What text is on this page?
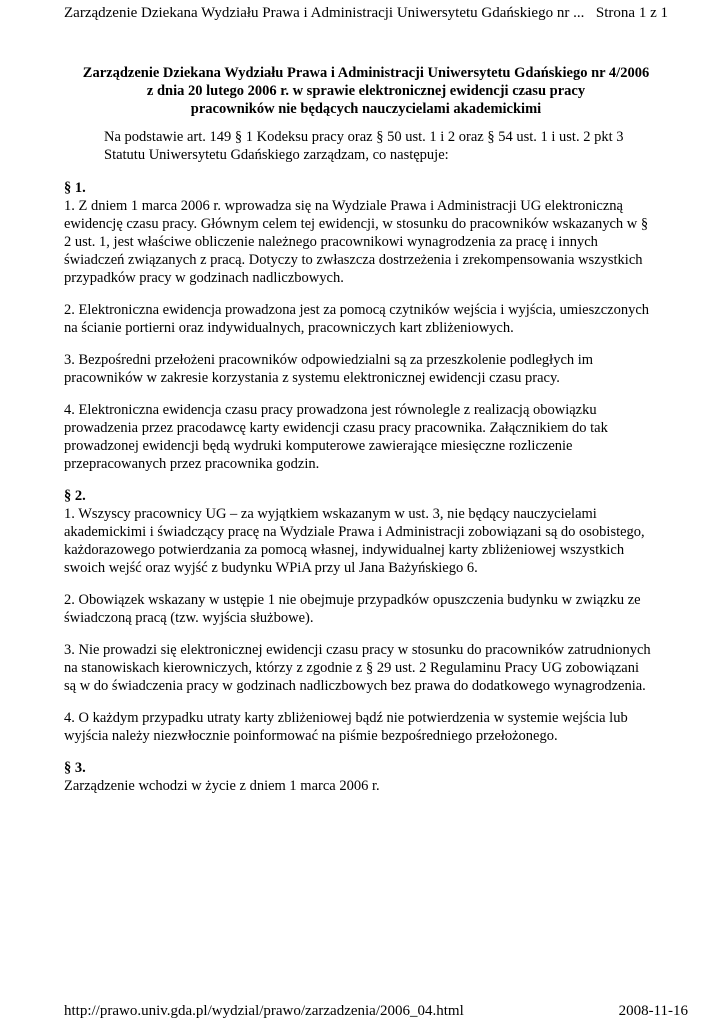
Zarządzenie Dziekana Wydziału Prawa i Administracji Uniwersytetu Gdańskiego nr ... Strona 1 z 1
Zarządzenie Dziekana Wydziału Prawa i Administracji Uniwersytetu Gdańskiego nr 4/2006
z dnia 20 lutego 2006 r. w sprawie elektronicznej ewidencji czasu pracy
pracowników nie będących nauczycielami akademickimi
Na podstawie art. 149 § 1 Kodeksu pracy oraz § 50 ust. 1 i 2 oraz § 54 ust. 1 i ust. 2 pkt 3
Statutu Uniwersytetu Gdańskiego zarządzam, co następuje:
§ 1.
1. Z dniem 1 marca 2006 r. wprowadza się na Wydziale Prawa i Administracji UG elektroniczną
ewidencję czasu pracy. Głównym celem tej ewidencji, w stosunku do pracowników wskazanych w §
2 ust. 1, jest właściwe obliczenie należnego pracownikowi wynagrodzenia za pracę i innych
świadczeń związanych z pracą. Dotyczy to zwłaszcza dostrzeżenia i zrekompensowania wszystkich
przypadków pracy w godzinach nadliczbowych.
2. Elektroniczna ewidencja prowadzona jest za pomocą czytników wejścia i wyjścia, umieszczonych
na ścianie portierni oraz indywidualnych, pracowniczych kart zbliżeniowych.
3. Bezpośredni przełożeni pracowników odpowiedzialni są za przeszkolenie podległych im
pracowników w zakresie korzystania z systemu elektronicznej ewidencji czasu pracy.
4. Elektroniczna ewidencja czasu pracy prowadzona jest równolegle z realizacją obowiązku
prowadzenia przez pracodawcę karty ewidencji czasu pracy pracownika. Załącznikiem do tak
prowadzonej ewidencji będą wydruki komputerowe zawierające miesięczne rozliczenie
przepracowanych przez pracownika godzin.
§ 2.
1. Wszyscy pracownicy UG – za wyjątkiem wskazanym w ust. 3, nie będący nauczycielami
akademickimi i świadczący pracę na Wydziale Prawa i Administracji zobowiązani są do osobistego,
każdorazowego potwierdzania za pomocą własnej, indywidualnej karty zbliżeniowej wszystkich
swoich wejść oraz wyjść z budynku WPiA przy ul Jana Bażyńskiego 6.
2. Obowiązek wskazany w ustępie 1 nie obejmuje przypadków opuszczenia budynku w związku ze
świadczoną pracą (tzw. wyjścia służbowe).
3. Nie prowadzi się elektronicznej ewidencji czasu pracy w stosunku do pracowników zatrudnionych
na stanowiskach kierowniczych, którzy z zgodnie z § 29 ust. 2 Regulaminu Pracy UG zobowiązani
są w do świadczenia pracy w godzinach nadliczbowych bez prawa do dodatkowego wynagrodzenia.
4. O każdym przypadku utraty karty zbliżeniowej bądź nie potwierdzenia w systemie wejścia lub
wyjścia należy niezwłocznie poinformować na piśmie bezpośredniego przełożonego.
§ 3.
Zarządzenie wchodzi w życie z dniem 1 marca 2006 r.
http://prawo.univ.gda.pl/wydzial/prawo/zarzadzenia/2006_04.html	2008-11-16
